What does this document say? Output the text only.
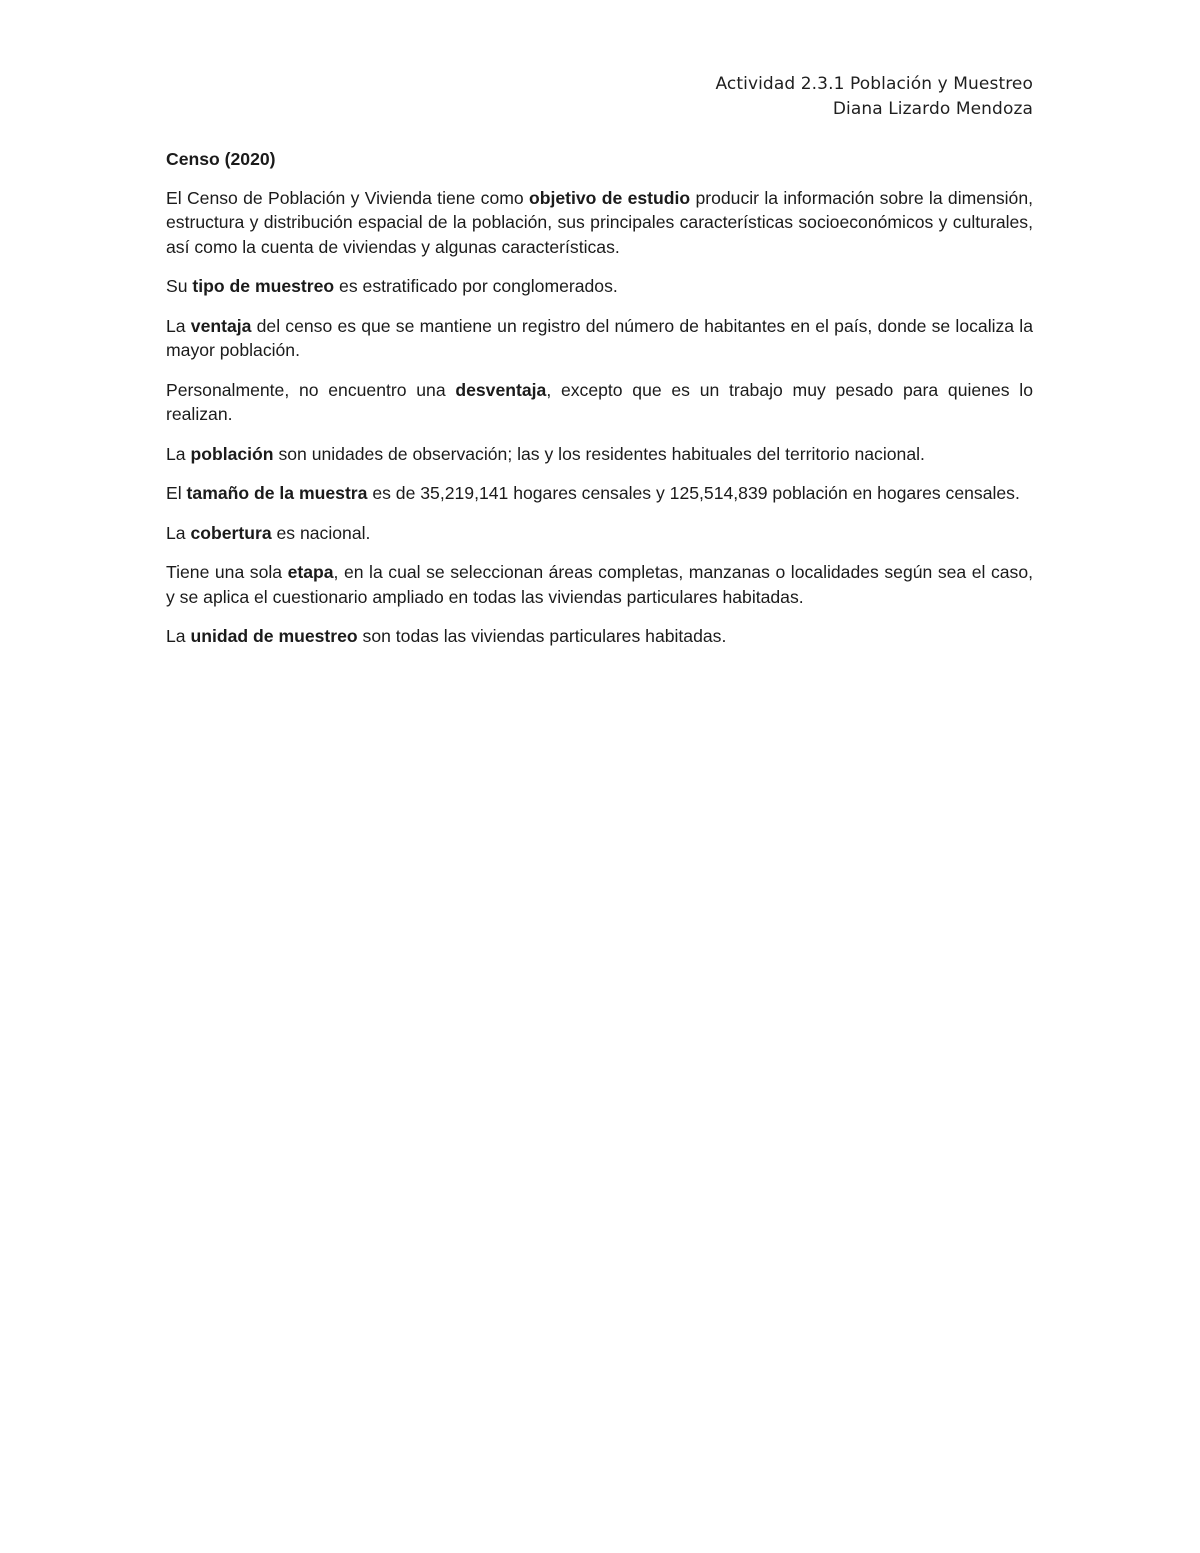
Actividad 2.3.1 Población y Muestreo
Diana Lizardo Mendoza
Censo (2020)

El Censo de Población y Vivienda tiene como objetivo de estudio producir la información sobre la dimensión, estructura y distribución espacial de la población, sus principales características socioeconómicos y culturales, así como la cuenta de viviendas y algunas características.

Su tipo de muestreo es estratificado por conglomerados.

La ventaja del censo es que se mantiene un registro del número de habitantes en el país, donde se localiza la mayor población.

Personalmente, no encuentro una desventaja, excepto que es un trabajo muy pesado para quienes lo realizan.

La población son unidades de observación; las y los residentes habituales del territorio nacional.

El tamaño de la muestra es de 35,219,141 hogares censales y 125,514,839 población en hogares censales.

La cobertura es nacional.

Tiene una sola etapa, en la cual se seleccionan áreas completas, manzanas o localidades según sea el caso, y se aplica el cuestionario ampliado en todas las viviendas particulares habitadas.

La unidad de muestreo son todas las viviendas particulares habitadas.
